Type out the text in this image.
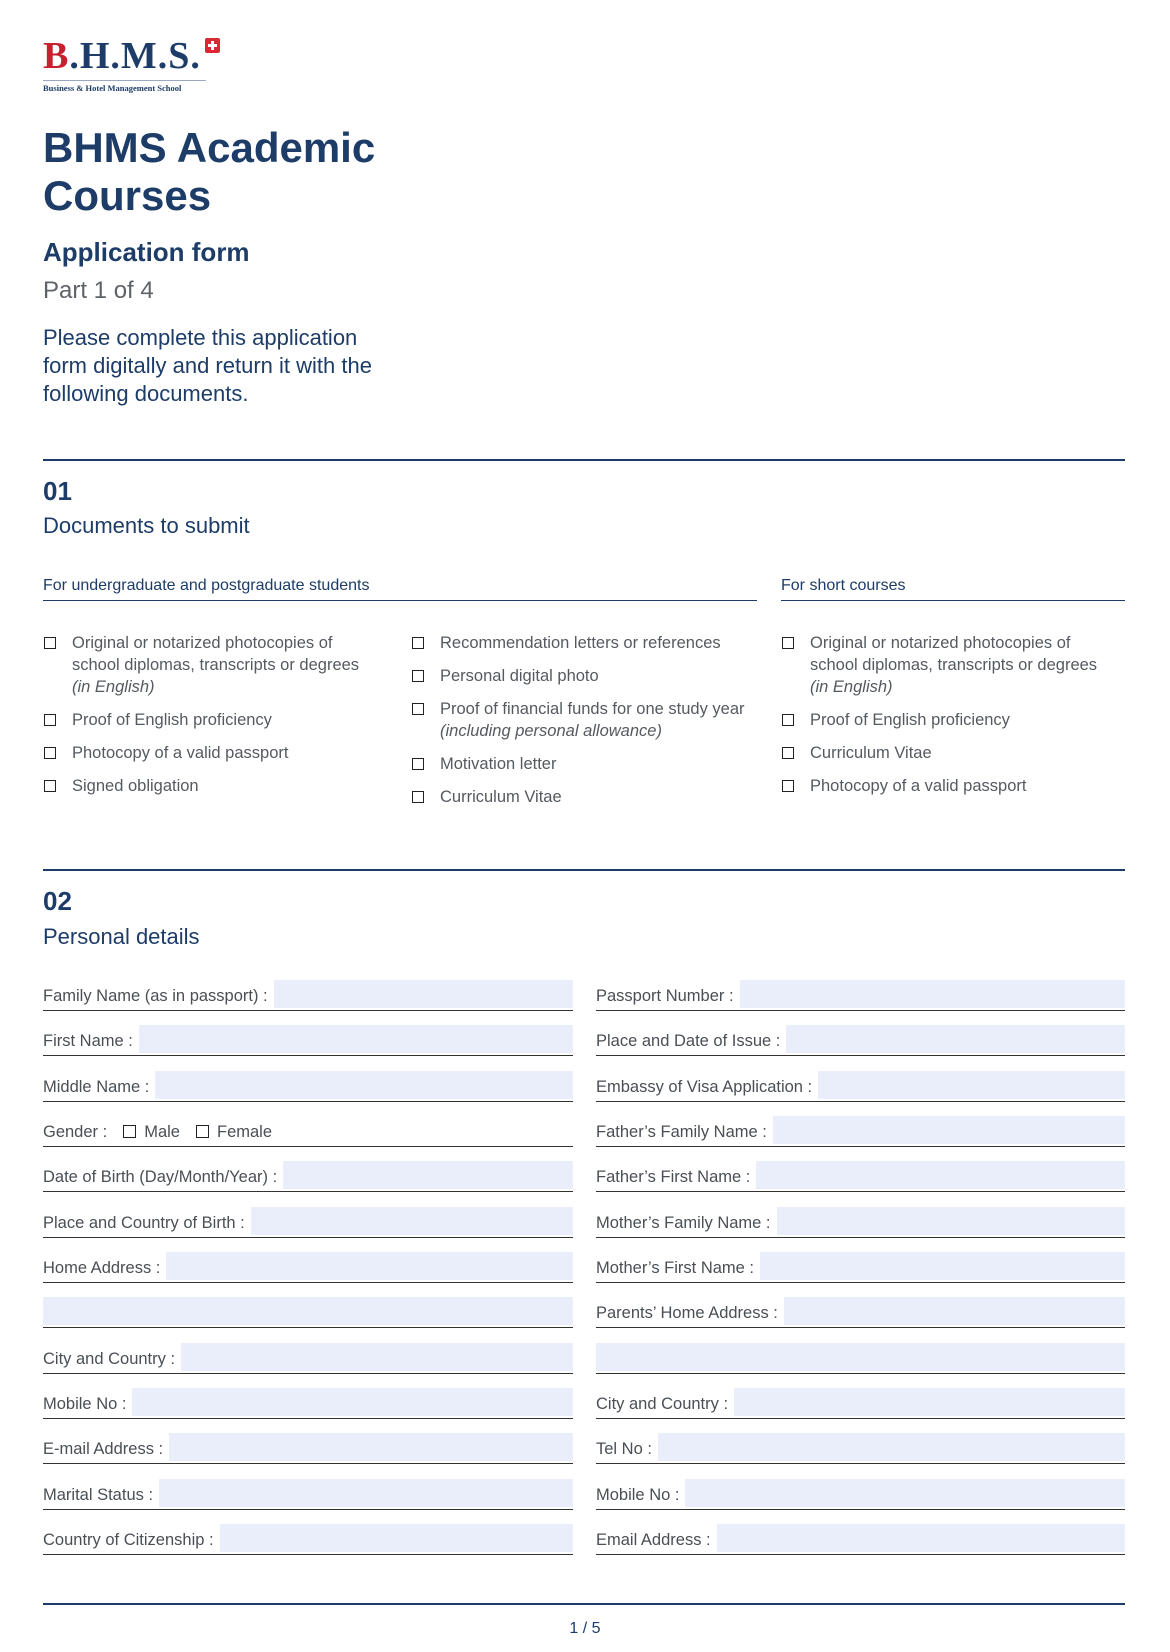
B.H.M.S.
Business & Hotel Management School
BHMS Academic Courses
Application form
Part 1 of 4
Please complete this application form digitally and return it with the following documents.
01
Documents to submit
For undergraduate and postgraduate students	For short courses
Original or notarized photocopies of school diplomas, transcripts or degrees
(in English)
Proof of English proficiency
Photocopy of a valid passport
Signed obligation
Recommendation letters or references
Personal digital photo
Proof of financial funds for one study year
(including personal allowance)
Motivation letter
Curriculum Vitae
Original or notarized photocopies of school diplomas, transcripts or degrees
(in English)
Proof of English proficiency
Curriculum Vitae
Photocopy of a valid passport
02
Personal details
Family Name (as in passport) :
First Name :
Middle Name :
Gender : Male Female
Date of Birth (Day/Month/Year) :
Place and Country of Birth :
Home Address :
City and Country :
Mobile No :
E-mail Address :
Marital Status :
Country of Citizenship :
Passport Number :
Place and Date of Issue :
Embassy of Visa Application :
Father’s Family Name :
Father’s First Name :
Mother’s Family Name :
Mother’s First Name :
Parents’ Home Address :
City and Country :
Tel No :
Mobile No :
Email Address :
1 / 5
